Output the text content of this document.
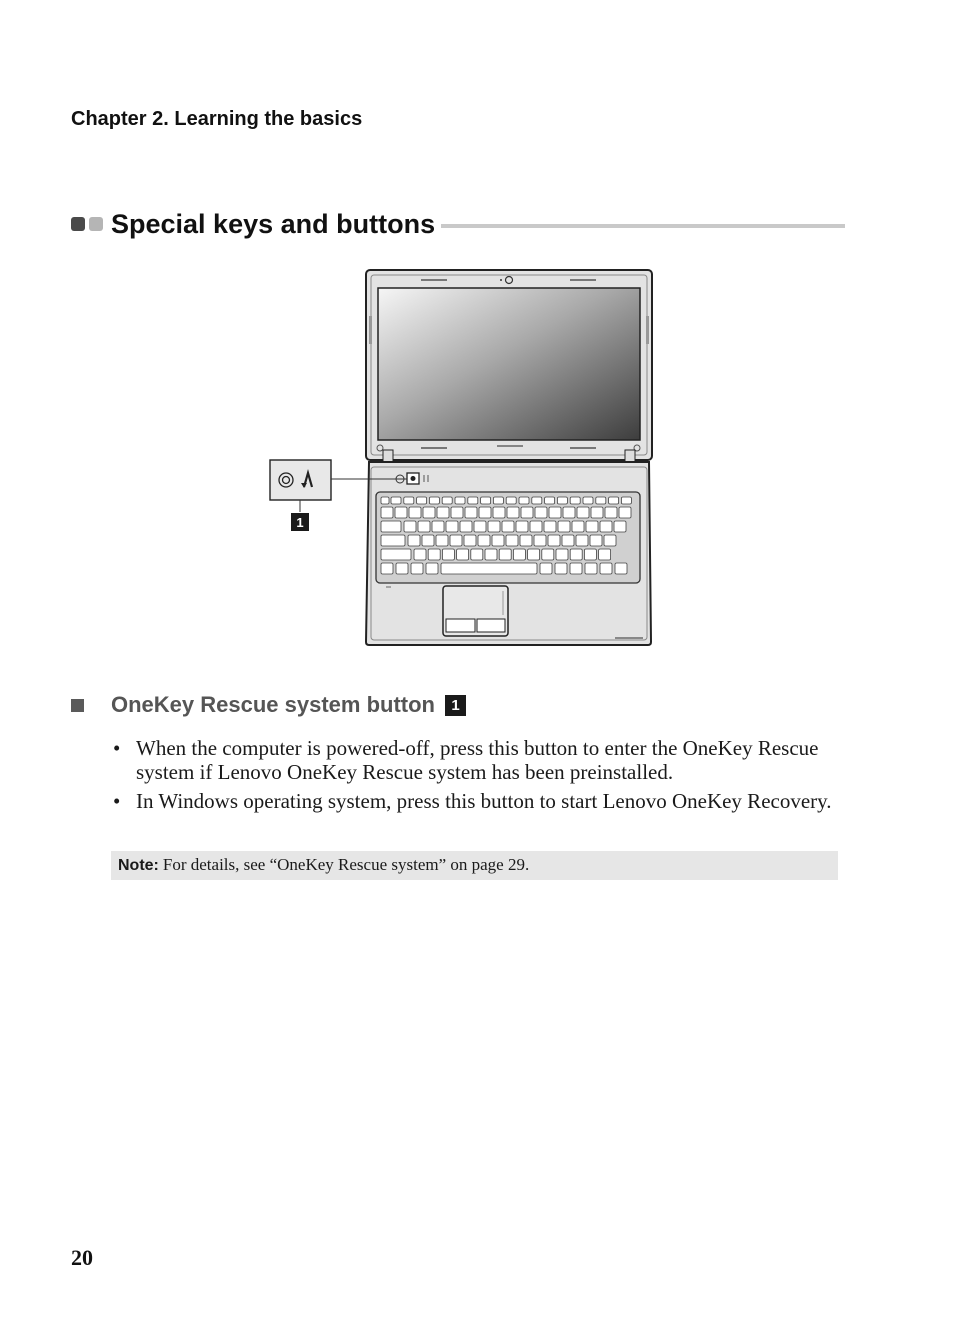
Chapter 2. Learning the basics
Special keys and buttons
1
OneKey Rescue system button	1
• When the computer is powered-off, press this button to enter the OneKey Rescue system if Lenovo OneKey Rescue system has been preinstalled.
• In Windows operating system, press this button to start Lenovo OneKey Recovery.
Note: For details, see “OneKey Rescue system” on page 29.
20
